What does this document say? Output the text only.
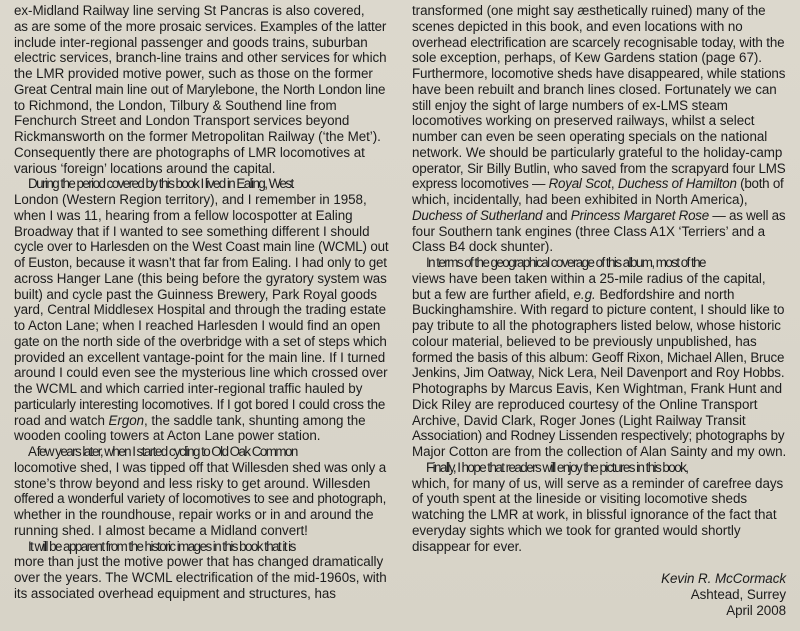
ex-Midland Railway line serving St Pancras is also covered,
as are some of the more prosaic services. Examples of the latter
include inter-regional passenger and goods trains, suburban
electric services, branch-line trains and other services for which
the LMR provided motive power, such as those on the former
Great Central main line out of Marylebone, the North London line
to Richmond, the London, Tilbury & Southend line from
Fenchurch Street and London Transport services beyond
Rickmansworth on the former Metropolitan Railway (‘the Met’).
Consequently there are photographs of LMR locomotives at
various ‘foreign’ locations around the capital.

During the period covered by this book I lived in Ealing, West
London (Western Region territory), and I remember in 1958,
when I was 11, hearing from a fellow locospotter at Ealing
Broadway that if I wanted to see something different I should
cycle over to Harlesden on the West Coast main line (WCML) out
of Euston, because it wasn’t that far from Ealing. I had only to get
across Hanger Lane (this being before the gyratory system was
built) and cycle past the Guinness Brewery, Park Royal goods
yard, Central Middlesex Hospital and through the trading estate
to Acton Lane; when I reached Harlesden I would find an open
gate on the north side of the overbridge with a set of steps which
provided an excellent vantage-point for the main line. If I turned
around I could even see the mysterious line which crossed over
the WCML and which carried inter-regional traffic hauled by
particularly interesting locomotives. If I got bored I could cross the
road and watch Ergon, the saddle tank, shunting among the
wooden cooling towers at Acton Lane power station.

A few years later, when I started cycling to Old Oak Common
locomotive shed, I was tipped off that Willesden shed was only a
stone’s throw beyond and less risky to get around. Willesden
offered a wonderful variety of locomotives to see and photograph,
whether in the roundhouse, repair works or in and around the
running shed. I almost became a Midland convert!

It will be apparent from the historic images in this book that it is
more than just the motive power that has changed dramatically
over the years. The WCML electrification of the mid-1960s, with
its associated overhead equipment and structures, has

transformed (one might say æsthetically ruined) many of the
scenes depicted in this book, and even locations with no
overhead electrification are scarcely recognisable today, with the
sole exception, perhaps, of Kew Gardens station (page 67).
Furthermore, locomotive sheds have disappeared, while stations
have been rebuilt and branch lines closed. Fortunately we can
still enjoy the sight of large numbers of ex-LMS steam
locomotives working on preserved railways, whilst a select
number can even be seen operating specials on the national
network. We should be particularly grateful to the holiday-camp
operator, Sir Billy Butlin, who saved from the scrapyard four LMS
express locomotives — Royal Scot, Duchess of Hamilton (both of
which, incidentally, had been exhibited in North America),
Duchess of Sutherland and Princess Margaret Rose — as well as
four Southern tank engines (three Class A1X ‘Terriers’ and a
Class B4 dock shunter).

In terms of the geographical coverage of this album, most of the
views have been taken within a 25-mile radius of the capital,
but a few are further afield, e.g. Bedfordshire and north
Buckinghamshire. With regard to picture content, I should like to
pay tribute to all the photographers listed below, whose historic
colour material, believed to be previously unpublished, has
formed the basis of this album: Geoff Rixon, Michael Allen, Bruce
Jenkins, Jim Oatway, Nick Lera, Neil Davenport and Roy Hobbs.
Photographs by Marcus Eavis, Ken Wightman, Frank Hunt and
Dick Riley are reproduced courtesy of the Online Transport
Archive, David Clark, Roger Jones (Light Railway Transit
Association) and Rodney Lissenden respectively; photographs by
Major Cotton are from the collection of Alan Sainty and my own.

Finally, I hope that readers will enjoy the pictures in this book,
which, for many of us, will serve as a reminder of carefree days
of youth spent at the lineside or visiting locomotive sheds
watching the LMR at work, in blissful ignorance of the fact that
everyday sights which we took for granted would shortly
disappear for ever.

Kevin R. McCormack
Ashtead, Surrey
April 2008
